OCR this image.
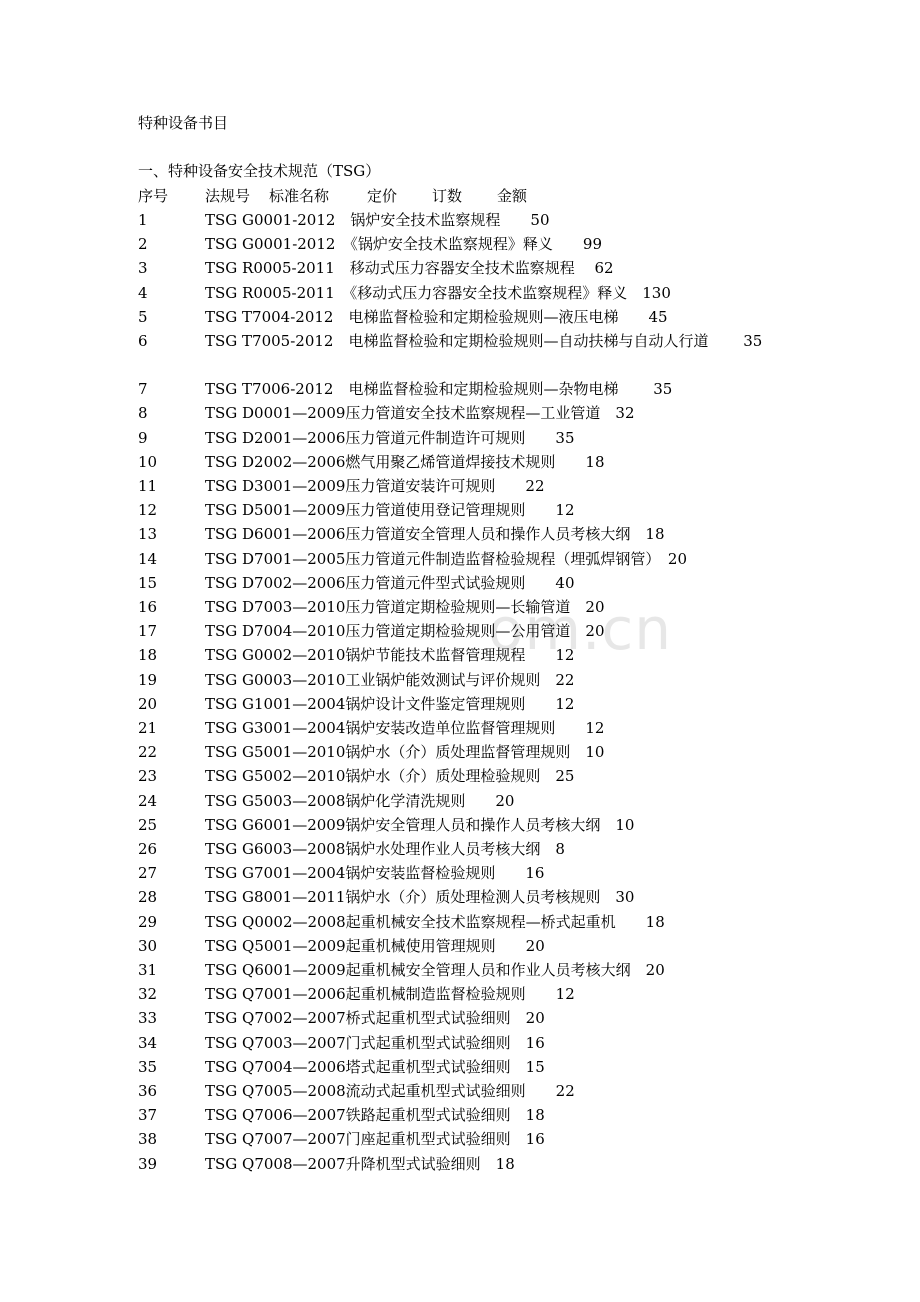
特种设备书目
一、特种设备安全技术规范（TSG）
序号 法规号 标准名称	定价 订数 金额
1	TSG G0001-2012　锅炉安全技术监察规程　　50
2	TSG G0001-2012　《锅炉安全技术监察规程》释义　　99
3	TSG R0005-2011　移动式压力容器安全技术监察规程　 62
4	TSG R0005-2011　《移动式压力容器安全技术监察规程》释义　130
5	TSG T7004-2012　电梯监督检验和定期检验规则—液压电梯　　45
6	TSG T7005-2012　电梯监督检验和定期检验规则—自动扶梯与自动人行道　　 35
7	TSG T7006-2012　电梯监督检验和定期检验规则—杂物电梯　　 35
8	TSG D0001—2009压力管道安全技术监察规程—工业管道　32
9	TSG D2001—2006压力管道元件制造许可规则　　35
10	TSG D2002—2006燃气用聚乙烯管道焊接技术规则　　18
11	TSG D3001—2009压力管道安装许可规则　　22
12	TSG D5001—2009压力管道使用登记管理规则　　12
13	TSG D6001—2006压力管道安全管理人员和操作人员考核大纲　18
14	TSG D7001—2005压力管道元件制造监督检验规程（埋弧焊钢管）　20
15	TSG D7002—2006压力管道元件型式试验规则　　40
16	TSG D7003—2010压力管道定期检验规则—长输管道　20
17	TSG D7004—2010压力管道定期检验规则—公用管道　20
18	TSG G0002—2010锅炉节能技术监督管理规程　　12
19	TSG G0003—2010工业锅炉能效测试与评价规则　22
20	TSG G1001—2004锅炉设计文件鉴定管理规则　　12
21	TSG G3001—2004锅炉安装改造单位监督管理规则　　12
22	TSG G5001—2010锅炉水（介）质处理监督管理规则　10
23	TSG G5002—2010锅炉水（介）质处理检验规则　25
24	TSG G5003—2008锅炉化学清洗规则　　20
25	TSG G6001—2009锅炉安全管理人员和操作人员考核大纲　10
26	TSG G6003—2008锅炉水处理作业人员考核大纲　8
27	TSG G7001—2004锅炉安装监督检验规则　　16
28	TSG G8001—2011锅炉水（介）质处理检测人员考核规则　30
29	TSG Q0002—2008起重机械安全技术监察规程—桥式起重机　　18
30	TSG Q5001—2009起重机械使用管理规则　　20
31	TSG Q6001—2009起重机械安全管理人员和作业人员考核大纲　20
32	TSG Q7001—2006起重机械制造监督检验规则　　12
33	TSG Q7002—2007桥式起重机型式试验细则　20
34	TSG Q7003—2007门式起重机型式试验细则　16
35	TSG Q7004—2006塔式起重机型式试验细则　15
36	TSG Q7005—2008流动式起重机型式试验细则　　22
37	TSG Q7006—2007铁路起重机型式试验细则　18
38	TSG Q7007—2007门座起重机型式试验细则　16
39	TSG Q7008—2007升降机型式试验细则　18
om.cn
